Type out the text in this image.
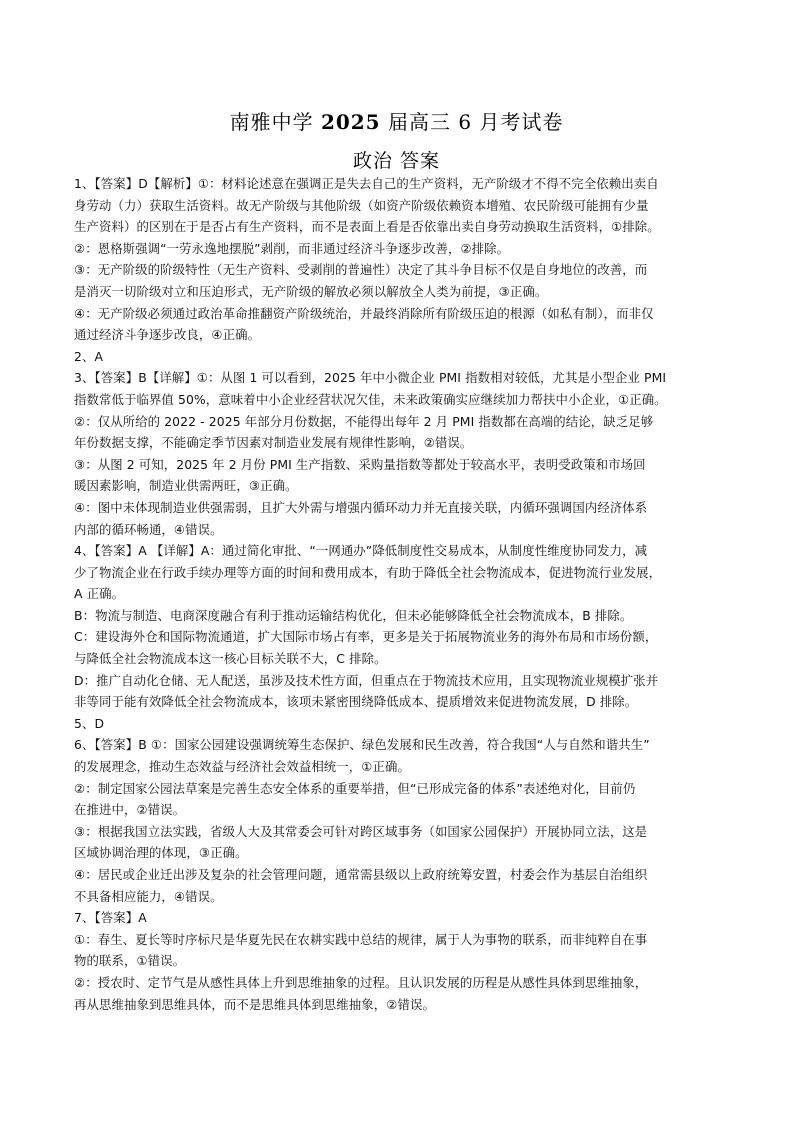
南雅中学 2025 届高三 6 月考试卷
政治 答案
1、【答案】D【解析】①：材料论述意在强调正是失去自己的生产资料，无产阶级才不得不完全依赖出卖自
身劳动（力）获取生活资料。故无产阶级与其他阶级（如资产阶级依赖资本增殖、农民阶级可能拥有少量
生产资料）的区别在于是否占有生产资料，而不是表面上看是否依靠出卖自身劳动换取生活资料，①排除。
②：恩格斯强调“一劳永逸地摆脱”剥削，而非通过经济斗争逐步改善，②排除。
③：无产阶级的阶级特性（无生产资料、受剥削的普遍性）决定了其斗争目标不仅是自身地位的改善，而
是消灭一切阶级对立和压迫形式，无产阶级的解放必须以解放全人类为前提，③正确。
④：无产阶级必须通过政治革命推翻资产阶级统治，并最终消除所有阶级压迫的根源（如私有制），而非仅
通过经济斗争逐步改良，④正确。
2、A
3、【答案】B【详解】①：从图 1 可以看到，2025 年中小微企业 PMI 指数相对较低，尤其是小型企业 PMI
指数常低于临界值 50%，意味着中小企业经营状况欠佳，未来政策确实应继续加力帮扶中小企业，①正确。
②：仅从所给的 2022 - 2025 年部分月份数据，不能得出每年 2 月 PMI 指数都在高端的结论，缺乏足够
年份数据支撑，不能确定季节因素对制造业发展有规律性影响，②错误。
③：从图 2 可知，2025 年 2 月份 PMI 生产指数、采购量指数等都处于较高水平，表明受政策和市场回
暖因素影响，制造业供需两旺，③正确。
④：图中未体现制造业供强需弱，且扩大外需与增强内循环动力并无直接关联，内循环强调国内经济体系
内部的循环畅通，④错误。
4、【答案】A 【详解】A：通过简化审批、“一网通办”降低制度性交易成本，从制度性维度协同发力，减
少了物流企业在行政手续办理等方面的时间和费用成本，有助于降低全社会物流成本，促进物流行业发展，
A 正确。
B：物流与制造、电商深度融合有利于推动运输结构优化，但未必能够降低全社会物流成本，B 排除。
C：建设海外仓和国际物流通道，扩大国际市场占有率，更多是关于拓展物流业务的海外布局和市场份额，
与降低全社会物流成本这一核心目标关联不大，C 排除。
D：推广自动化仓储、无人配送，虽涉及技术性方面，但重点在于物流技术应用，且实现物流业规模扩张并
非等同于能有效降低全社会物流成本，该项未紧密围绕降低成本、提质增效来促进物流发展，D 排除。
5、D
6、【答案】B ①：国家公园建设强调统筹生态保护、绿色发展和民生改善，符合我国“人与自然和谐共生”
的发展理念，推动生态效益与经济社会效益相统一，①正确。
②：制定国家公园法草案是完善生态安全体系的重要举措，但“已形成完备的体系”表述绝对化，目前仍
在推进中，②错误。
③：根据我国立法实践，省级人大及其常委会可针对跨区域事务（如国家公园保护）开展协同立法，这是
区域协调治理的体现，③正确。
④：居民或企业迁出涉及复杂的社会管理问题，通常需县级以上政府统筹安置，村委会作为基层自治组织
不具备相应能力，④错误。
7、【答案】A
①：春生、夏长等时序标尺是华夏先民在农耕实践中总结的规律，属于人为事物的联系，而非纯粹自在事
物的联系，①错误。
②：授农时、定节气是从感性具体上升到思维抽象的过程。且认识发展的历程是从感性具体到思维抽象，
再从思维抽象到思维具体，而不是思维具体到思维抽象，②错误。
